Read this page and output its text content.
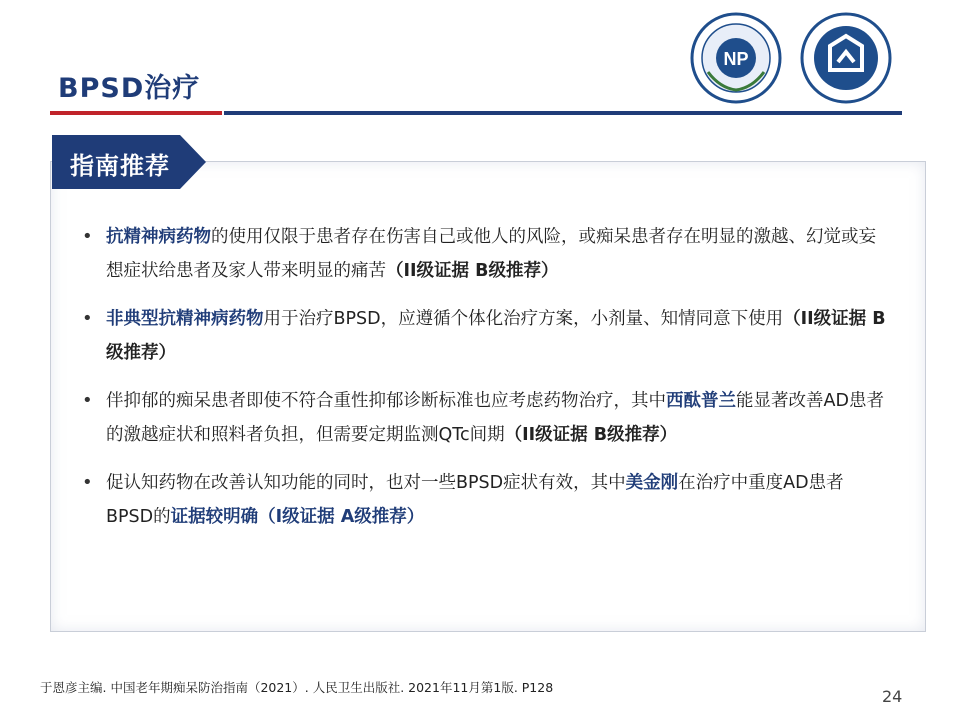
BPSD治疗
NP
指南推荐
• 抗精神病药物的使用仅限于患者存在伤害自己或他人的风险，或痴呆患者存在明显的激越、幻觉或妄想症状给患者及家人带来明显的痛苦（II级证据 B级推荐）
• 非典型抗精神病药物用于治疗BPSD，应遵循个体化治疗方案，小剂量、知情同意下使用（II级证据 B级推荐）
• 伴抑郁的痴呆患者即使不符合重性抑郁诊断标准也应考虑药物治疗，其中西酞普兰能显著改善AD患者的激越症状和照料者负担，但需要定期监测QTc间期（II级证据 B级推荐）
• 促认知药物在改善认知功能的同时，也对一些BPSD症状有效，其中美金刚在治疗中重度AD患者BPSD的证据较明确（I级证据 A级推荐）
于恩彦主编. 中国老年期痴呆防治指南（2021）. 人民卫生出版社. 2021年11月第1版. P128	24
